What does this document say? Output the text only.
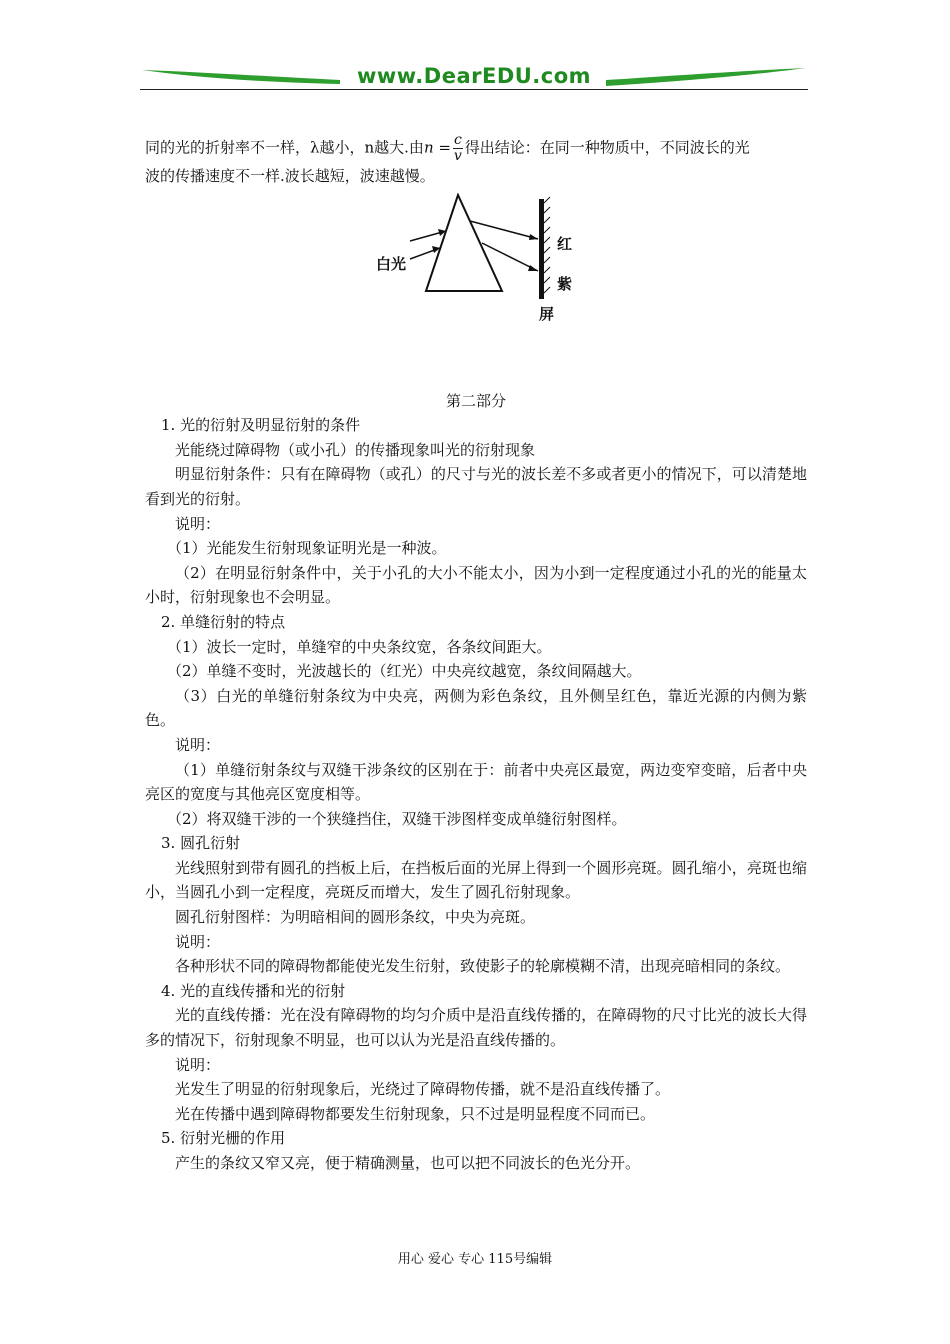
www.DearEDU.com

同的光的折射率不一样，λ越小，n越大.由$n = \frac{c}{v}$ 得出结论：在同一种物质中，不同波长的光

波的传播速度不一样.波长越短，波速越慢。

白光
红
紫
屏

第二部分

1. 光的衍射及明显衍射的条件

光能绕过障碍物（或小孔）的传播现象叫光的衍射现象

明显衍射条件：只有在障碍物（或孔）的尺寸与光的波长差不多或者更小的情况下，可以清楚地看到光的衍射。

说明：

（1）光能发生衍射现象证明光是一种波。

（2）在明显衍射条件中，关于小孔的大小不能太小，因为小到一定程度通过小孔的光的能量太小时，衍射现象也不会明显。

2. 单缝衍射的特点

（1）波长一定时，单缝窄的中央条纹宽，各条纹间距大。

（2）单缝不变时，光波越长的（红光）中央亮纹越宽，条纹间隔越大。

（3）白光的单缝衍射条纹为中央亮，两侧为彩色条纹，且外侧呈红色，靠近光源的内侧为紫色。

说明：

（1）单缝衍射条纹与双缝干涉条纹的区别在于：前者中央亮区最宽，两边变窄变暗，后者中央亮区的宽度与其他亮区宽度相等。

（2）将双缝干涉的一个狭缝挡住，双缝干涉图样变成单缝衍射图样。

3. 圆孔衍射

光线照射到带有圆孔的挡板上后，在挡板后面的光屏上得到一个圆形亮斑。圆孔缩小，亮斑也缩小，当圆孔小到一定程度，亮斑反而增大，发生了圆孔衍射现象。

圆孔衍射图样：为明暗相间的圆形条纹，中央为亮斑。

说明：

各种形状不同的障碍物都能使光发生衍射，致使影子的轮廓模糊不清，出现亮暗相同的条纹。

4. 光的直线传播和光的衍射

光的直线传播：光在没有障碍物的均匀介质中是沿直线传播的，在障碍物的尺寸比光的波长大得多的情况下，衍射现象不明显，也可以认为光是沿直线传播的。

说明：

光发生了明显的衍射现象后，光绕过了障碍物传播，就不是沿直线传播了。

光在传播中遇到障碍物都要发生衍射现象，只不过是明显程度不同而已。

5. 衍射光栅的作用

产生的条纹又窄又亮，便于精确测量，也可以把不同波长的色光分开。

用心 爱心 专心 115号编辑
